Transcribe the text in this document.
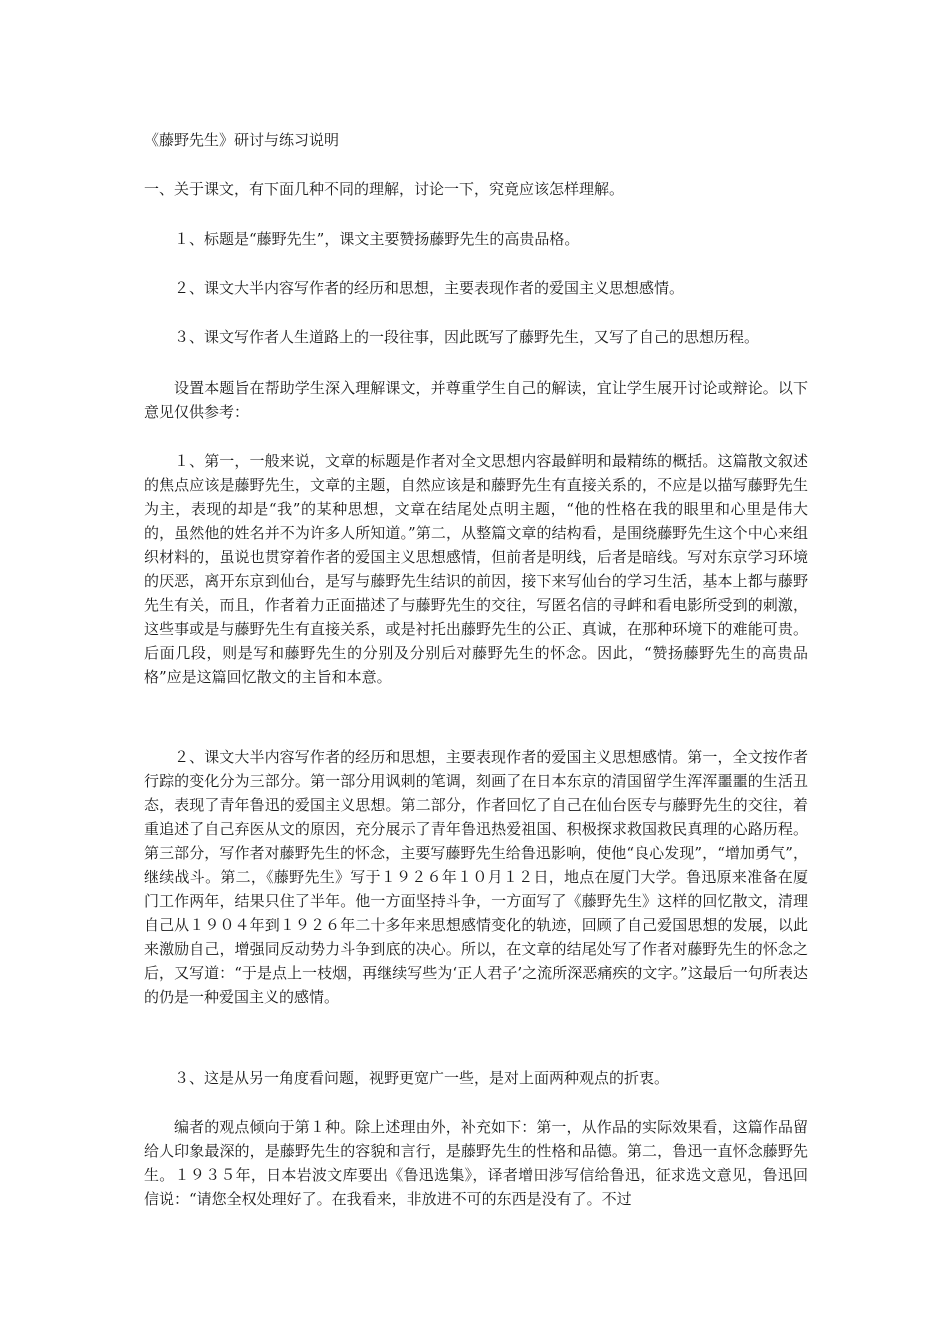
《藤野先生》研讨与练习说明

一、关于课文，有下面几种不同的理解，讨论一下，究竟应该怎样理解。

１、标题是“藤野先生”，课文主要赞扬藤野先生的高贵品格。

２、课文大半内容写作者的经历和思想，主要表现作者的爱国主义思想感情。

３、课文写作者人生道路上的一段往事，因此既写了藤野先生，又写了自己的思想历程。

设置本题旨在帮助学生深入理解课文，并尊重学生自己的解读，宜让学生展开讨论或辩论。以下意见仅供参考：

１、第一，一般来说，文章的标题是作者对全文思想内容最鲜明和最精练的概括。这篇散文叙述的焦点应该是藤野先生，文章的主题，自然应该是和藤野先生有直接关系的，不应是以描写藤野先生为主，表现的却是“我”的某种思想，文章在结尾处点明主题，“他的性格在我的眼里和心里是伟大的，虽然他的姓名并不为许多人所知道。”第二，从整篇文章的结构看，是围绕藤野先生这个中心来组织材料的，虽说也贯穿着作者的爱国主义思想感情，但前者是明线，后者是暗线。写对东京学习环境的厌恶，离开东京到仙台，是写与藤野先生结识的前因，接下来写仙台的学习生活，基本上都与藤野先生有关，而且，作者着力正面描述了与藤野先生的交往，写匿名信的寻衅和看电影所受到的刺激，这些事或是与藤野先生有直接关系，或是衬托出藤野先生的公正、真诚，在那种环境下的难能可贵。后面几段，则是写和藤野先生的分别及分别后对藤野先生的怀念。因此，“赞扬藤野先生的高贵品格”应是这篇回忆散文的主旨和本意。

２、课文大半内容写作者的经历和思想，主要表现作者的爱国主义思想感情。第一，全文按作者行踪的变化分为三部分。第一部分用讽刺的笔调，刻画了在日本东京的清国留学生浑浑噩噩的生活丑态，表现了青年鲁迅的爱国主义思想。第二部分，作者回忆了自己在仙台医专与藤野先生的交往，着重追述了自己弃医从文的原因，充分展示了青年鲁迅热爱祖国、积极探求救国救民真理的心路历程。第三部分，写作者对藤野先生的怀念，主要写藤野先生给鲁迅影响，使他“良心发现”，“增加勇气”，继续战斗。第二，《藤野先生》写于１９２６年１０月１２日，地点在厦门大学。鲁迅原来准备在厦门工作两年，结果只住了半年。他一方面坚持斗争，一方面写了《藤野先生》这样的回忆散文，清理自己从１９０４年到１９２６年二十多年来思想感情变化的轨迹，回顾了自己爱国思想的发展，以此来激励自己，增强同反动势力斗争到底的决心。所以，在文章的结尾处写了作者对藤野先生的怀念之后，又写道：“于是点上一枝烟，再继续写些为‘正人君子’之流所深恶痛疾的文字。”这最后一句所表达的仍是一种爱国主义的感情。

３、这是从另一角度看问题，视野更宽广一些，是对上面两种观点的折衷。

编者的观点倾向于第１种。除上述理由外，补充如下：第一，从作品的实际效果看，这篇作品留给人印象最深的，是藤野先生的容貌和言行，是藤野先生的性格和品德。第二，鲁迅一直怀念藤野先生。１９３５年，日本岩波文库要出《鲁迅选集》，译者增田涉写信给鲁迅，征求选文意见，鲁迅回信说：“请您全权处理好了。在我看来，非放进不可的东西是没有了。不过
